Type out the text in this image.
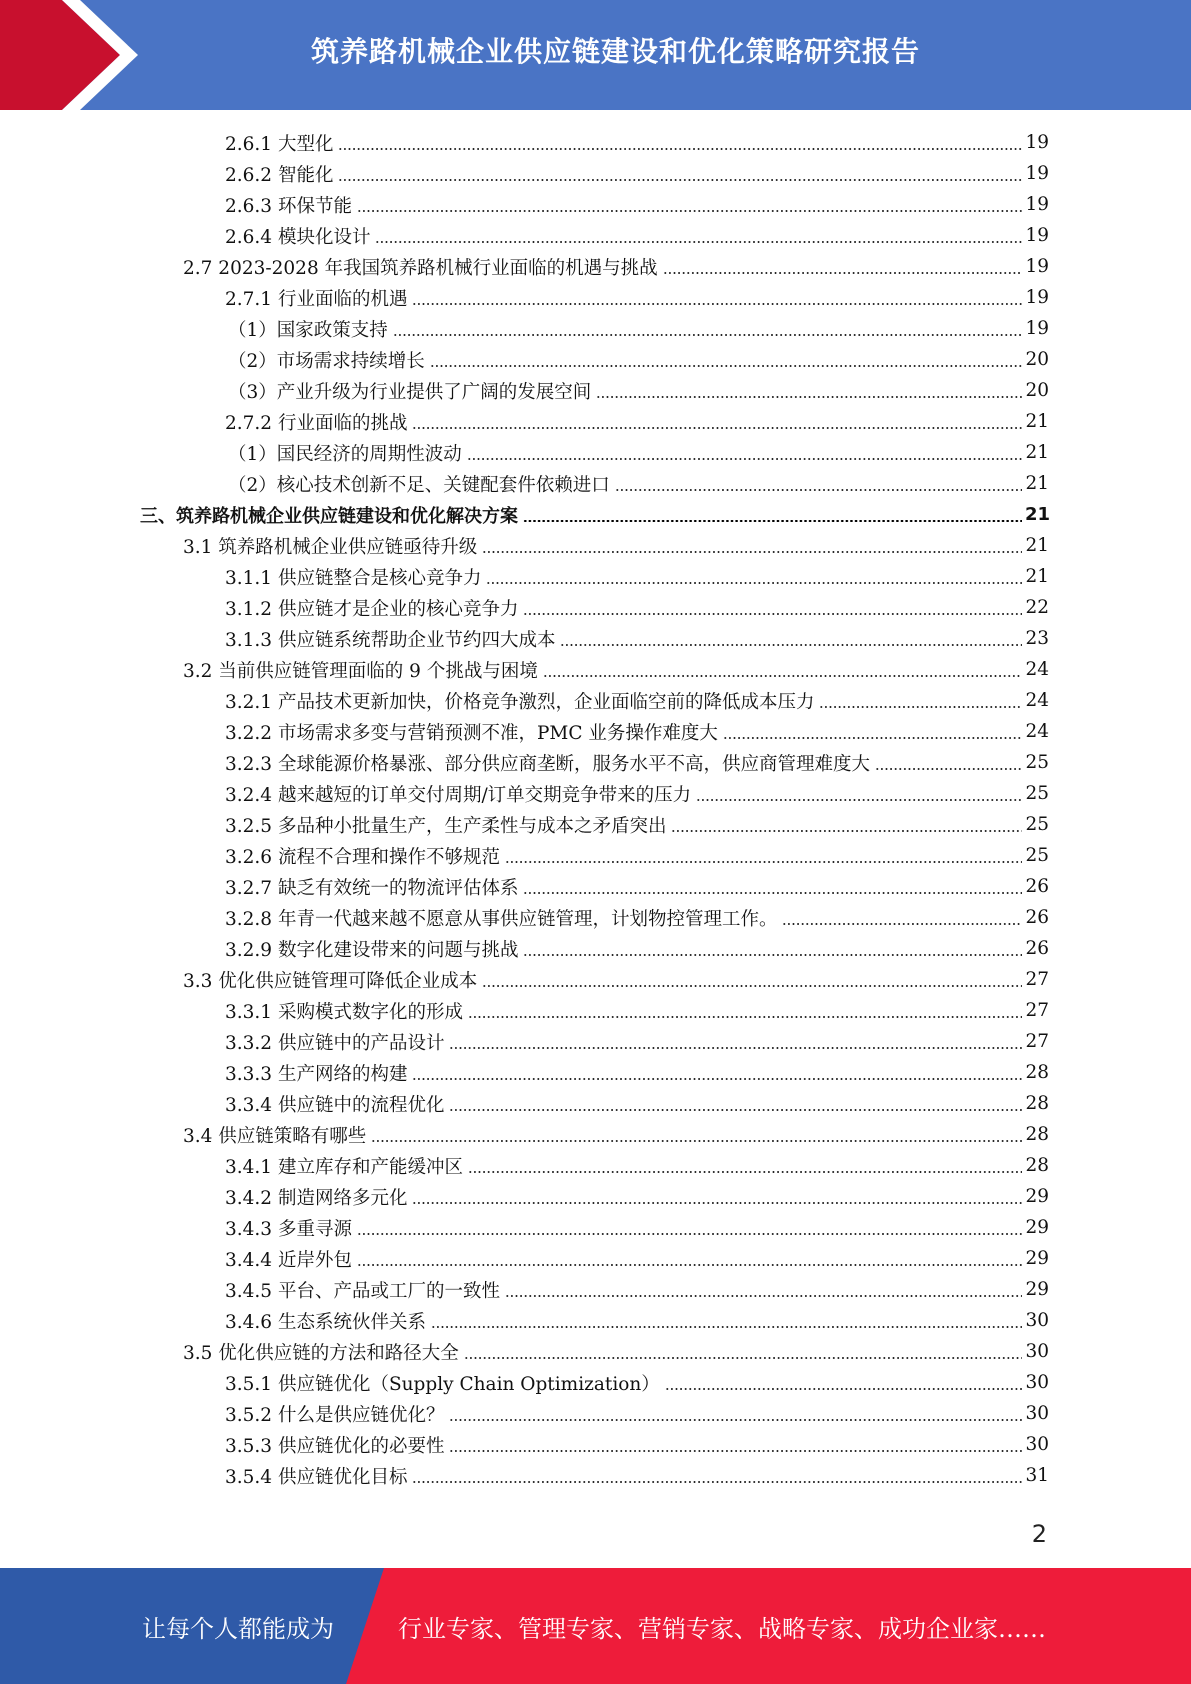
筑养路机械企业供应链建设和优化策略研究报告
2.6.1 大型化	19
2.6.2 智能化	19
2.6.3 环保节能	19
2.6.4 模块化设计	19
2.7 2023-2028 年我国筑养路机械行业面临的机遇与挑战	19
2.7.1 行业面临的机遇	19
（1）国家政策支持	19
（2）市场需求持续增长	20
（3）产业升级为行业提供了广阔的发展空间	20
2.7.2 行业面临的挑战	21
（1）国民经济的周期性波动	21
（2）核心技术创新不足、关键配套件依赖进口	21
三、筑养路机械企业供应链建设和优化解决方案	21
3.1 筑养路机械企业供应链亟待升级	21
3.1.1 供应链整合是核心竞争力	21
3.1.2 供应链才是企业的核心竞争力	22
3.1.3 供应链系统帮助企业节约四大成本	23
3.2 当前供应链管理面临的 9 个挑战与困境	24
3.2.1 产品技术更新加快，价格竞争激烈，企业面临空前的降低成本压力	24
3.2.2 市场需求多变与营销预测不准，PMC 业务操作难度大	24
3.2.3 全球能源价格暴涨、部分供应商垄断，服务水平不高，供应商管理难度大	25
3.2.4 越来越短的订单交付周期/订单交期竞争带来的压力	25
3.2.5 多品种小批量生产，生产柔性与成本之矛盾突出	25
3.2.6 流程不合理和操作不够规范	25
3.2.7 缺乏有效统一的物流评估体系	26
3.2.8 年青一代越来越不愿意从事供应链管理，计划物控管理工作。	26
3.2.9 数字化建设带来的问题与挑战	26
3.3 优化供应链管理可降低企业成本	27
3.3.1 采购模式数字化的形成	27
3.3.2 供应链中的产品设计	27
3.3.3 生产网络的构建	28
3.3.4 供应链中的流程优化	28
3.4 供应链策略有哪些	28
3.4.1 建立库存和产能缓冲区	28
3.4.2 制造网络多元化	29
3.4.3 多重寻源	29
3.4.4 近岸外包	29
3.4.5 平台、产品或工厂的一致性	29
3.4.6 生态系统伙伴关系	30
3.5 优化供应链的方法和路径大全	30
3.5.1 供应链优化（Supply Chain Optimization）	30
3.5.2 什么是供应链优化？	30
3.5.3 供应链优化的必要性	30
3.5.4 供应链优化目标	31
2
让每个人都能成为	行业专家、管理专家、营销专家、战略专家、成功企业家……
